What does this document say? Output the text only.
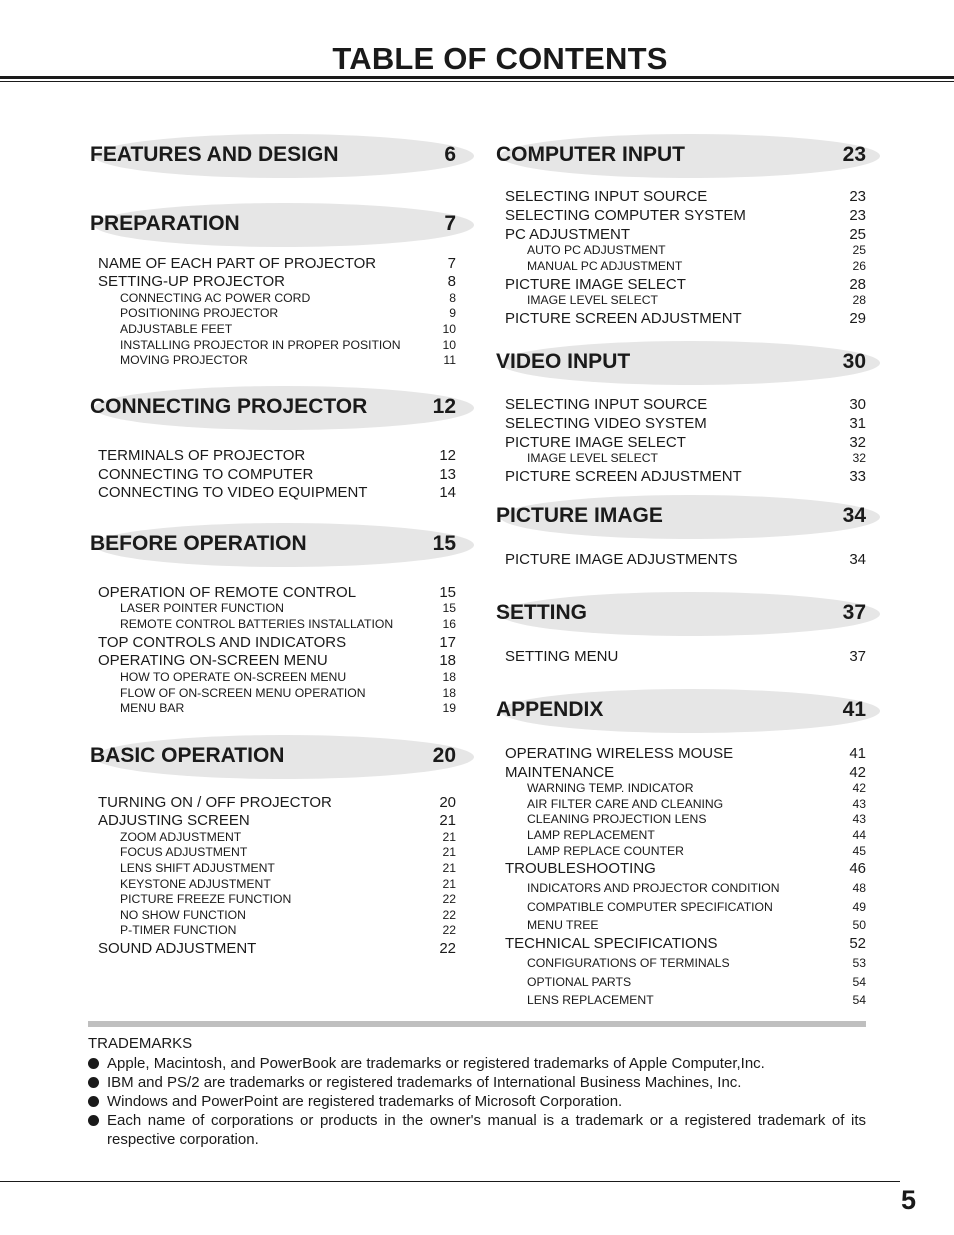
TABLE OF CONTENTS
FEATURES AND DESIGN	6
PREPARATION	7
NAME OF EACH PART OF PROJECTOR	7
SETTING-UP PROJECTOR	8
CONNECTING AC POWER CORD	8
POSITIONING PROJECTOR	9
ADJUSTABLE FEET	10
INSTALLING PROJECTOR IN PROPER POSITION	10
MOVING PROJECTOR	11
CONNECTING PROJECTOR	12
TERMINALS OF PROJECTOR	12
CONNECTING TO COMPUTER	13
CONNECTING TO VIDEO EQUIPMENT	14
BEFORE OPERATION	15
OPERATION OF REMOTE CONTROL	15
LASER POINTER FUNCTION	15
REMOTE CONTROL BATTERIES INSTALLATION	16
TOP CONTROLS AND INDICATORS	17
OPERATING ON-SCREEN MENU	18
HOW TO OPERATE ON-SCREEN MENU	18
FLOW OF ON-SCREEN MENU OPERATION	18
MENU BAR	19
BASIC OPERATION	20
TURNING ON / OFF PROJECTOR	20
ADJUSTING SCREEN	21
ZOOM ADJUSTMENT	21
FOCUS ADJUSTMENT	21
LENS SHIFT ADJUSTMENT	21
KEYSTONE ADJUSTMENT	21
PICTURE FREEZE FUNCTION	22
NO SHOW FUNCTION	22
P-TIMER FUNCTION	22
SOUND ADJUSTMENT	22
COMPUTER INPUT	23
SELECTING INPUT SOURCE	23
SELECTING COMPUTER SYSTEM	23
PC ADJUSTMENT	25
AUTO PC ADJUSTMENT	25
MANUAL PC ADJUSTMENT	26
PICTURE IMAGE SELECT	28
IMAGE LEVEL SELECT	28
PICTURE SCREEN ADJUSTMENT	29
VIDEO INPUT	30
SELECTING INPUT SOURCE	30
SELECTING VIDEO SYSTEM	31
PICTURE IMAGE SELECT	32
IMAGE LEVEL SELECT	32
PICTURE SCREEN ADJUSTMENT	33
PICTURE IMAGE	34
PICTURE IMAGE ADJUSTMENTS	34
SETTING	37
SETTING MENU	37
APPENDIX	41
OPERATING WIRELESS MOUSE	41
MAINTENANCE	42
WARNING TEMP. INDICATOR	42
AIR FILTER CARE AND CLEANING	43
CLEANING PROJECTION LENS	43
LAMP REPLACEMENT	44
LAMP REPLACE COUNTER	45
TROUBLESHOOTING	46
INDICATORS AND PROJECTOR CONDITION	48
COMPATIBLE COMPUTER SPECIFICATION	49
MENU TREE	50
TECHNICAL SPECIFICATIONS	52
CONFIGURATIONS OF TERMINALS	53
OPTIONAL PARTS	54
LENS REPLACEMENT	54
TRADEMARKS
Apple, Macintosh, and PowerBook are trademarks or registered trademarks of Apple Computer,Inc.
IBM and PS/2 are trademarks or registered trademarks of International Business Machines, Inc.
Windows and PowerPoint are registered trademarks of Microsoft Corporation.
Each name of corporations or products in the owner's manual is a trademark or a registered trademark of its respective corporation.
5
